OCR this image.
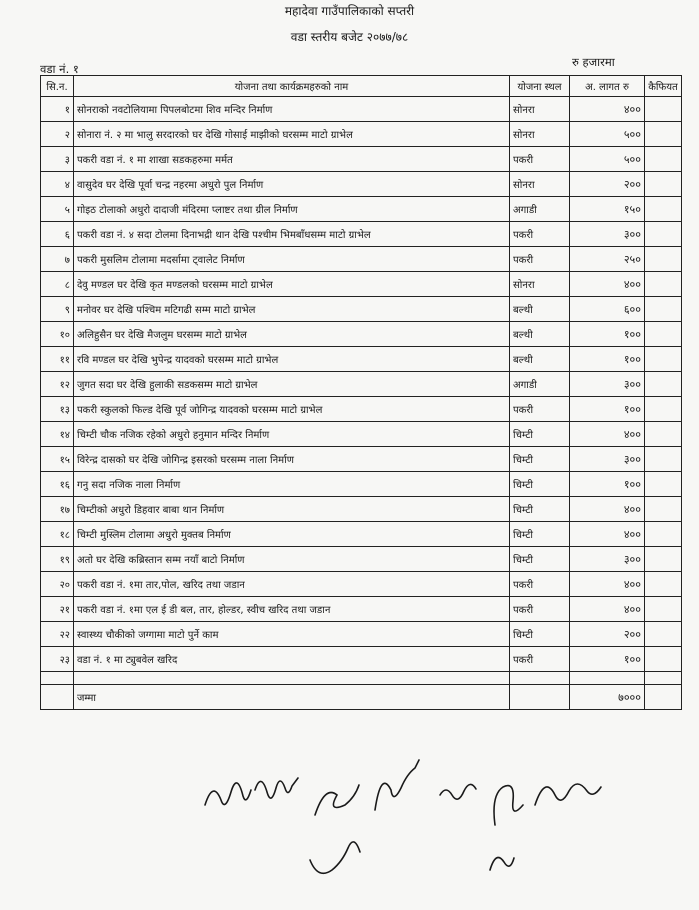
महादेवा गाउँपालिकाको सप्तरी
वडा स्तरीय बजेट २०७७/७८
वडा नं. १	रु हजारमा
सि.न.	योजना तथा कार्यक्रमहरुको नाम	योजना स्थल	अ. लागत रु	कैफियत
१	सोनराको नवटोलियामा पिपलबोटमा शिव मन्दिर निर्माण	सोनरा	४००	
२	सोनारा नं. २ मा भालु सरदारको घर देखि गोसाई माझीको घरसम्म माटो ग्राभेल	सोनरा	५००	
३	पकरी वडा नं. १ मा शाखा सडकहरुमा मर्मत	पकरी	५००	
४	वासुदेव घर देखि पूर्वा चन्द्र नहरमा अधुरो पुल निर्माण	सोनरा	२००	
५	गोइठ टोलाको अधुरो दादाजी मंदिरमा प्लाष्टर तथा ग्रील निर्माण	अगाडी	१५०	
६	पकरी वडा नं. ४ सदा टोलमा दिनाभद्री थान देखि पश्चीम भिमबाँधसम्म माटो ग्राभेल	पकरी	३००	
७	पकरी मुसलिम टोलामा मदर्सामा ट्वालेट निर्माण	पकरी	२५०	
८	देवु मण्डल घर देखि कृत मण्डलको घरसम्म माटो ग्राभेल	सोनरा	४००	
९	मनोवर घर देखि पश्चिम मटिगढी सम्म माटो ग्राभेल	बल्थी	६००	
१०	अलिहुसैन घर देखि मैजलुम घरसम्म माटो ग्राभेल	बल्थी	१००	
११	रवि मण्डल घर देखि भुपेन्द्र यादवको घरसम्म माटो ग्राभेल	बल्थी	१००	
१२	जुगत सदा घर देखि हुलाकी सडकसम्म माटो ग्राभेल	अगाडी	३००	
१३	पकरी स्कुलको फिल्ड देखि पूर्व जोगिन्द्र यादवको घरसम्म माटो ग्राभेल	पकरी	१००	
१४	चिम्टी चौक नजिक रहेको अधुरो हनुमान मन्दिर निर्माण	चिम्टी	४००	
१५	विरेन्द्र दासको घर देखि जोगिन्द्र इसरको घरसम्म नाला निर्माण	चिम्टी	३००	
१६	गनु सदा नजिक नाला निर्माण	चिम्टी	१००	
१७	चिम्टीको अधुरो डिहवार बाबा थान निर्माण	चिम्टी	४००	
१८	चिम्टी मुस्लिम टोलामा अधुरो मुक्तब निर्माण	चिम्टी	४००	
१९	अतो घर देखि कब्रिस्तान सम्म नयाँ बाटो निर्माण	चिम्टी	३००	
२०	पकरी वडा नं. १मा तार,पोल, खरिद तथा जडान	पकरी	४००	
२१	पकरी वडा नं. १मा एल ई डी बल, तार, होल्डर, स्वीच खरिद तथा जडान	पकरी	४००	
२२	स्वास्थ्य चौकीको जग्गामा माटो पुर्ने काम	चिम्टी	२००	
२३	वडा नं. १ मा ट्युबवेल खरिद	पकरी	१००	

	जम्मा		७०००	
